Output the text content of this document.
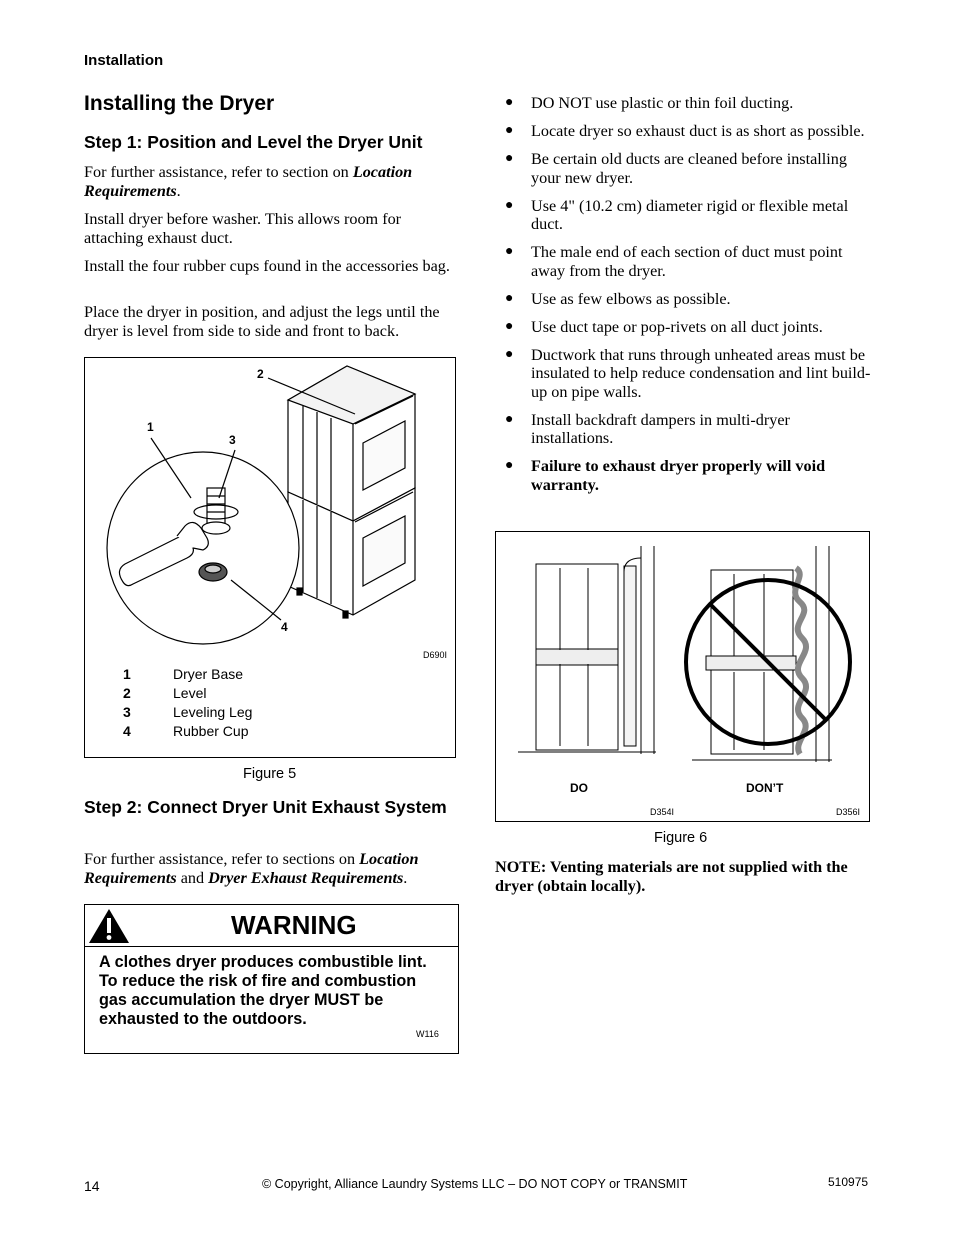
Installation
Installing the Dryer
Step 1: Position and Level the Dryer Unit

For further assistance, refer to section on Location Requirements.

Install dryer before washer. This allows room for attaching exhaust duct.

Install the four rubber cups found in the accessories bag.

Place the dryer in position, and adjust the legs until the dryer is level from side to side and front to back.

1
2
3
4
D690I
1	Dryer Base
2	Level
3	Leveling Leg
4	Rubber Cup
Figure 5
Step 2: Connect Dryer Unit Exhaust System

For further assistance, refer to sections on Location Requirements and Dryer Exhaust Requirements.

WARNING
A clothes dryer produces combustible lint. To reduce the risk of fire and combustion gas accumulation the dryer MUST be exhausted to the outdoors.
W116
● DO NOT use plastic or thin foil ducting.
● Locate dryer so exhaust duct is as short as possible.
● Be certain old ducts are cleaned before installing your new dryer.
● Use 4" (10.2 cm) diameter rigid or flexible metal duct.
● The male end of each section of duct must point away from the dryer.
● Use as few elbows as possible.
● Use duct tape or pop-rivets on all duct joints.
● Ductwork that runs through unheated areas must be insulated to help reduce condensation and lint build-up on pipe walls.
● Install backdraft dampers in multi-dryer installations.
● Failure to exhaust dryer properly will void warranty.
DO	DON’T
D354I	D356I
Figure 6

NOTE: Venting materials are not supplied with the dryer (obtain locally).

14	© Copyright, Alliance Laundry Systems LLC – DO NOT COPY or TRANSMIT	510975
